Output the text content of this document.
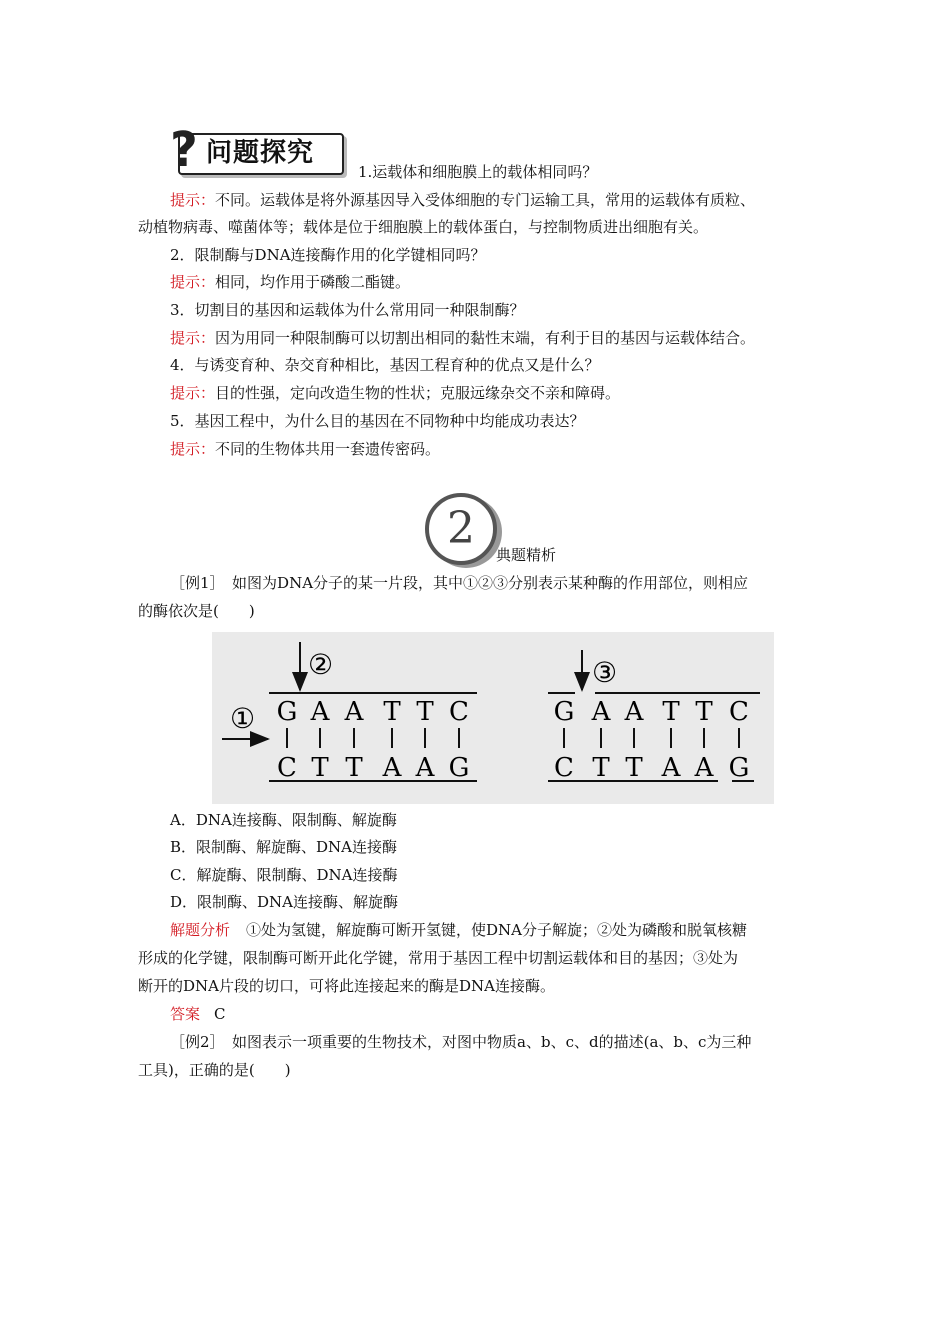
? 问题探究
1.运载体和细胞膜上的载体相同吗？
提示：不同。运载体是将外源基因导入受体细胞的专门运输工具，常用的运载体有质粒、
动植物病毒、噬菌体等；载体是位于细胞膜上的载体蛋白，与控制物质进出细胞有关。
2．限制酶与DNA连接酶作用的化学键相同吗？
提示：相同，均作用于磷酸二酯键。
3．切割目的基因和运载体为什么常用同一种限制酶？
提示：因为用同一种限制酶可以切割出相同的黏性末端，有利于目的基因与运载体结合。
4．与诱变育种、杂交育种相比，基因工程育种的优点又是什么？
提示：目的性强，定向改造生物的性状；克服远缘杂交不亲和障碍。
5．基因工程中，为什么目的基因在不同物种中均能成功表达？
提示：不同的生物体共用一套遗传密码。
2
典题精析
［例1］　如图为DNA分子的某一片段，其中①②③分别表示某种酶的作用部位，则相应
的酶依次是(　　)
G
C
A
T
A
T
T
A
T
A
C
G
G
C
A
T
A
T
T
A
T
A
C
G
①
②	③
A．DNA连接酶、限制酶、解旋酶
B．限制酶、解旋酶、DNA连接酶
C．解旋酶、限制酶、DNA连接酶
D．限制酶、DNA连接酶、解旋酶
解题分析 ①处为氢键，解旋酶可断开氢键，使DNA分子解旋；②处为磷酸和脱氧核糖
形成的化学键，限制酶可断开此化学键，常用于基因工程中切割运载体和目的基因；③处为
断开的DNA片段的切口，可将此连接起来的酶是DNA连接酶。
答案 C
［例2］　如图表示一项重要的生物技术，对图中物质a、b、c、d的描述(a、b、c为三种
工具)，正确的是(　　)
